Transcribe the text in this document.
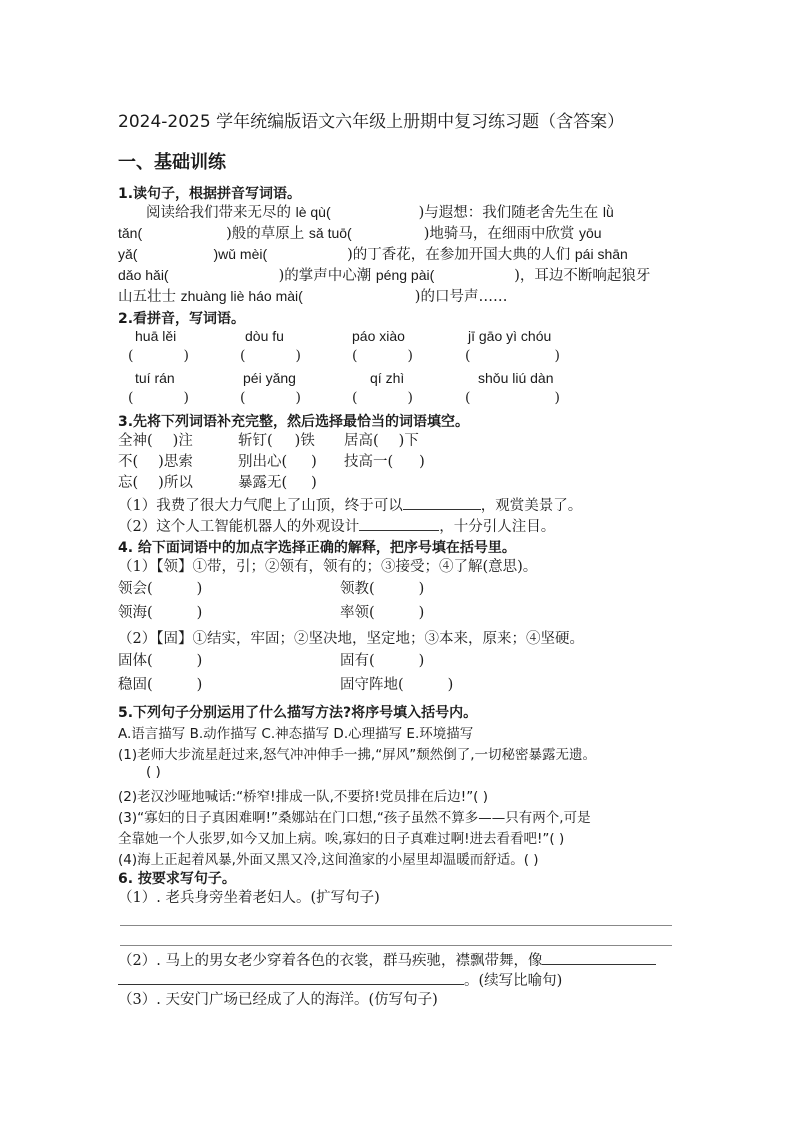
2024-2025 学年统编版语文六年级上册期中复习练习题（含答案）
一、基础训练
1.读句子，根据拼音写词语。
阅读给我们带来无尽的 lè qù(	)与遐想：我们随老舍先生在 lǜ
tǎn(	)般的草原上 sǎ tuō(	)地骑马，在细雨中欣赏 yōu
yǎ(	)wǔ mèi(	)的丁香花，在参加开国大典的人们 pái shān
dǎo hǎi(	)的掌声中心潮 péng pài(	)，耳边不断响起狼牙
山五壮士 zhuàng liè háo mài(	)的口号声……
2.看拼音，写词语。
huā lěi	dòu fu	páo xiào	jī gāo yì chóu
(	)	(	)	(	)	(	)
tuí rán	péi yǎng	qí zhì	shǒu liú dàn
(	)	(	)	(	)	(	)
3.先将下列词语补充完整，然后选择最恰当的词语填空。
全神( )注	斩钉( )铁 居高( )下
不( )思索	别出心( ) 技高一( )
忘( )所以	暴露无( )
（1）我费了很大力气爬上了山顶，终于可以	，观赏美景了。
（2）这个人工智能机器人的外观设计	，十分引人注目。
4. 给下面词语中的加点字选择正确的解释，把序号填在括号里。
（1）【领】①带，引；②领有，领有的；③接受；④了解(意思)。
领会(	)	领教(	)
领海(	)	率领(	)
（2）【固】①结实，牢固；②坚决地，坚定地；③本来，原来；④坚硬。
固体(	)	固有(	)
稳固(	)	固守阵地(	)
5.下列句子分别运用了什么描写方法?将序号填入括号内。
A.语言描写 B.动作描写 C.神态描写 D.心理描写 E.环境描写
(1)老师大步流星赶过来,怒气冲冲伸手一拂,“屏风”颓然倒了,一切秘密暴露无遗。
( )
(2)老汉沙哑地喊话:“桥窄!排成一队,不要挤!党员排在后边!”( )
(3)“寡妇的日子真困难啊!”桑娜站在门口想,“孩子虽然不算多——只有两个,可是
全靠她一个人张罗,如今又加上病。唉,寡妇的日子真难过啊!进去看看吧!”( )
(4)海上正起着风暴,外面又黑又冷,这间渔家的小屋里却温暖而舒适。( )
6. 按要求写句子。
（1）. 老兵身旁坐着老妇人。(扩写句子)
（2）. 马上的男女老少穿着各色的衣裳，群马疾驰，襟飘带舞，像
。(续写比喻句)
（3）. 天安门广场已经成了人的海洋。(仿写句子)
